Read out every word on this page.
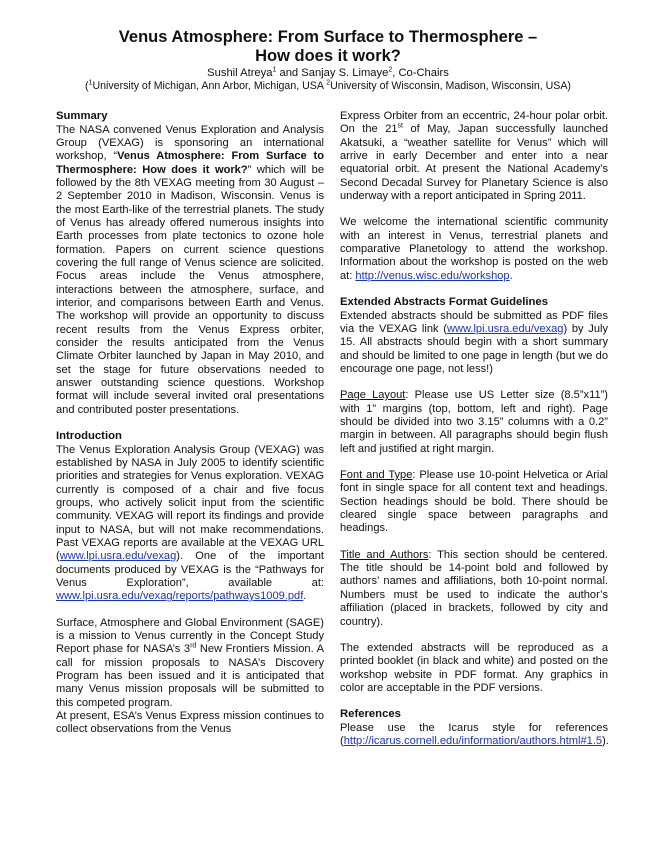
Venus Atmosphere: From Surface to Thermosphere –
How does it work?
Sushil Atreya$^1$ and Sanjay S. Limaye$^2$, Co-Chairs
($^1$University of Michigan, Ann Arbor, Michigan, USA $^2$University of Wisconsin, Madison, Wisconsin, USA)
Summary

The NASA convened Venus Exploration and Analysis Group (VEXAG) is sponsoring an international workshop, “Venus Atmosphere: From Surface to Thermosphere: How does it work?” which will be followed by the 8th VEXAG meeting from 30 August – 2 September 2010 in Madison, Wisconsin. Venus is the most Earth-like of the terrestrial planets. The study of Venus has already offered numerous insights into Earth processes from plate tectonics to ozone hole formation. Papers on current science questions covering the full range of Venus science are solicited. Focus areas include the Venus atmosphere, interactions between the atmosphere, surface, and interior, and comparisons between Earth and Venus. The workshop will provide an opportunity to discuss recent results from the Venus Express orbiter, consider the results anticipated from the Venus Climate Orbiter launched by Japan in May 2010, and set the stage for future observations needed to answer outstanding science questions. Workshop format will include several invited oral presentations and contributed poster presentations.

Introduction

The Venus Exploration Analysis Group (VEXAG) was established by NASA in July 2005 to identify scientific priorities and strategies for Venus exploration. VEXAG currently is composed of a chair and five focus groups, who actively solicit input from the scientific community. VEXAG will report its findings and provide input to NASA, but will not make recommendations. Past VEXAG reports are available at the VEXAG URL (www.lpi.usra.edu/vexag). One of the important documents produced by VEXAG is the “Pathways for Venus Exploration”, available at: www.lpi.usra.edu/vexag/reports/pathways1009.pdf.

Surface, Atmosphere and Global Environment (SAGE) is a mission to Venus currently in the Concept Study Report phase for NASA’s 3rd New Frontiers Mission. A call for mission proposals to NASA’s Discovery Program has been issued and it is anticipated that many Venus mission proposals will be submitted to this competed program.

At present, ESA’s Venus Express mission continues to collect observations from the Venus

Express Orbiter from an eccentric, 24-hour polar orbit. On the 21st

of May, Japan successfully launched Akatsuki, a “weather satellite for Venus” which will arrive in early December and enter into a near equatorial orbit. At present the National Academy’s Second Decadal Survey for Planetary Science is also underway with a report anticipated in Spring 2011.

We welcome the international scientific community with an interest in Venus, terrestrial planets and comparative Planetology to attend the workshop. Information about the workshop is posted on the web at: http://venus.wisc.edu/workshop.

Extended Abstracts Format Guidelines

Extended abstracts should be submitted as PDF files via the VEXAG link (www.lpi.usra.edu/vexag) by July 15. All abstracts should begin with a short summary and should be limited to one page in length (but we do encourage one page, not less!)

Page Layout: Please use US Letter size (8.5”x11”) with 1” margins (top, bottom, left and right). Page should be divided into two 3.15” columns with a 0.2” margin in between. All paragraphs should begin flush left and justified at right margin.

Font and Type: Please use 10-point Helvetica or Arial font in single space for all content text and headings. Section headings should be bold. There should be cleared single space between paragraphs and headings.

Title and Authors: This section should be centered. The title should be 14-point bold and followed by authors’ names and affiliations, both 10-point normal. Numbers must be used to indicate the author’s affiliation (placed in brackets, followed by city and country).

The extended abstracts will be reproduced as a printed booklet (in black and white) and posted on the workshop website in PDF format. Any graphics in color are acceptable in the PDF versions.

References

Please use the Icarus style for references (http://icarus.cornell.edu/information/authors.html#1.5).
